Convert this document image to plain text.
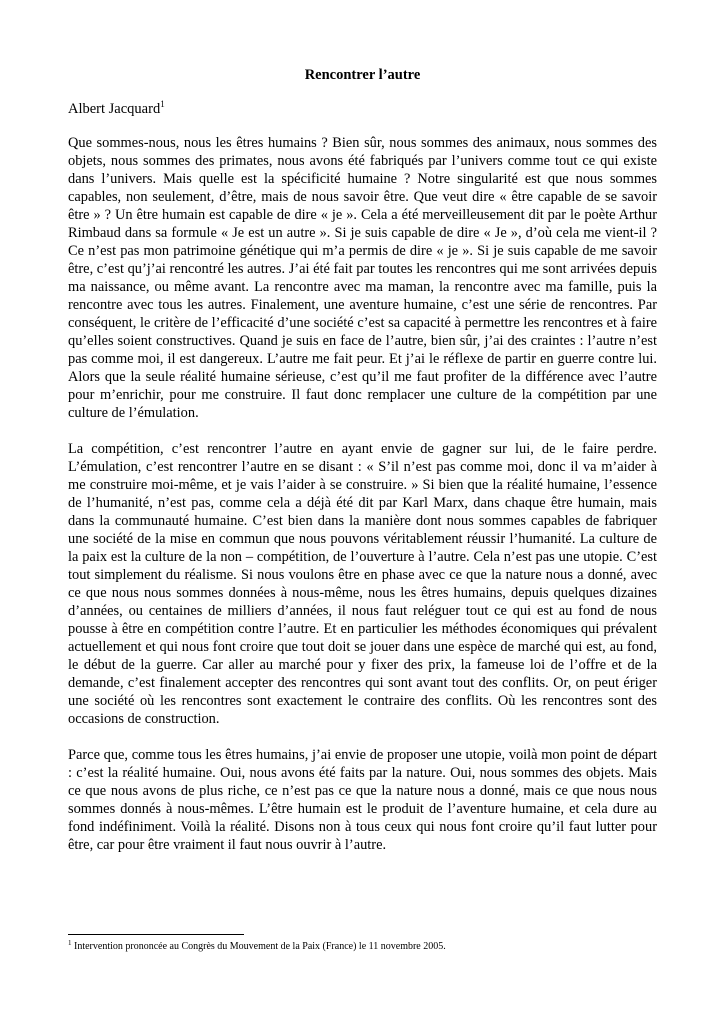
Rencontrer l’autre
Albert Jacquard$^1$

Que sommes-nous, nous les êtres humains ? Bien sûr, nous sommes des animaux, nous sommes des objets, nous sommes des primates, nous avons été fabriqués par l’univers comme tout ce qui existe dans l’univers. Mais quelle est la spécificité humaine ? Notre singularité est que nous sommes capables, non seulement, d’être, mais de nous savoir être. Que veut dire « être capable de se savoir être » ? Un être humain est capable de dire « je ». Cela a été merveilleusement dit par le poète Arthur Rimbaud dans sa formule « Je est un autre ». Si je suis capable de dire « Je », d’où cela me vient-il ? Ce n’est pas mon patrimoine génétique qui m’a permis de dire « je ». Si je suis capable de me savoir être, c’est qu’j’ai rencontré les autres. J’ai été fait par toutes les rencontres qui me sont arrivées depuis ma naissance, ou même avant. La rencontre avec ma maman, la rencontre avec ma famille, puis la rencontre avec tous les autres. Finalement, une aventure humaine, c’est une série de rencontres. Par conséquent, le critère de l’efficacité d’une société c’est sa capacité à permettre les rencontres et à faire qu’elles soient constructives. Quand je suis en face de l’autre, bien sûr, j’ai des craintes : l’autre n’est pas comme moi, il est dangereux. L’autre me fait peur. Et j’ai le réflexe de partir en guerre contre lui. Alors que la seule réalité humaine sérieuse, c’est qu’il me faut profiter de la différence avec l’autre pour m’enrichir, pour me construire. Il faut donc remplacer une culture de la compétition par une culture de l’émulation.

La compétition, c’est rencontrer l’autre en ayant envie de gagner sur lui, de le faire perdre. L’émulation, c’est rencontrer l’autre en se disant : « S’il n’est pas comme moi, donc il va m’aider à me construire moi-même, et je vais l’aider à se construire. » Si bien que la réalité humaine, l’essence de l’humanité, n’est pas, comme cela a déjà été dit par Karl Marx, dans chaque être humain, mais dans la communauté humaine. C’est bien dans la manière dont nous sommes capables de fabriquer une société de la mise en commun que nous pouvons véritablement réussir l’humanité. La culture de la paix est la culture de la non – compétition, de l’ouverture à l’autre. Cela n’est pas une utopie. C’est tout simplement du réalisme. Si nous voulons être en phase avec ce que la nature nous a donné, avec ce que nous nous sommes données à nous-même, nous les êtres humains, depuis quelques dizaines d’années, ou centaines de milliers d’années, il nous faut reléguer tout ce qui est au fond de nous pousse à être en compétition contre l’autre. Et en particulier les méthodes économiques qui prévalent actuellement et qui nous font croire que tout doit se jouer dans une espèce de marché qui est, au fond, le début de la guerre. Car aller au marché pour y fixer des prix, la fameuse loi de l’offre et de la demande, c’est finalement accepter des rencontres qui sont avant tout des conflits. Or, on peut ériger une société où les rencontres sont exactement le contraire des conflits. Où les rencontres sont des occasions de construction.

Parce que, comme tous les êtres humains, j’ai envie de proposer une utopie, voilà mon point de départ : c’est la réalité humaine. Oui, nous avons été faits par la nature. Oui, nous sommes des objets. Mais ce que nous avons de plus riche, ce n’est pas ce que la nature nous a donné, mais ce que nous nous sommes donnés à nous-mêmes. L’être humain est le produit de l’aventure humaine, et cela dure au fond indéfiniment. Voilà la réalité. Disons non à tous ceux qui nous font croire qu’il faut lutter pour être, car pour être vraiment il faut nous ouvrir à l’autre.

$^1$ Intervention prononcée au Congrès du Mouvement de la Paix (France) le 11 novembre 2005.
